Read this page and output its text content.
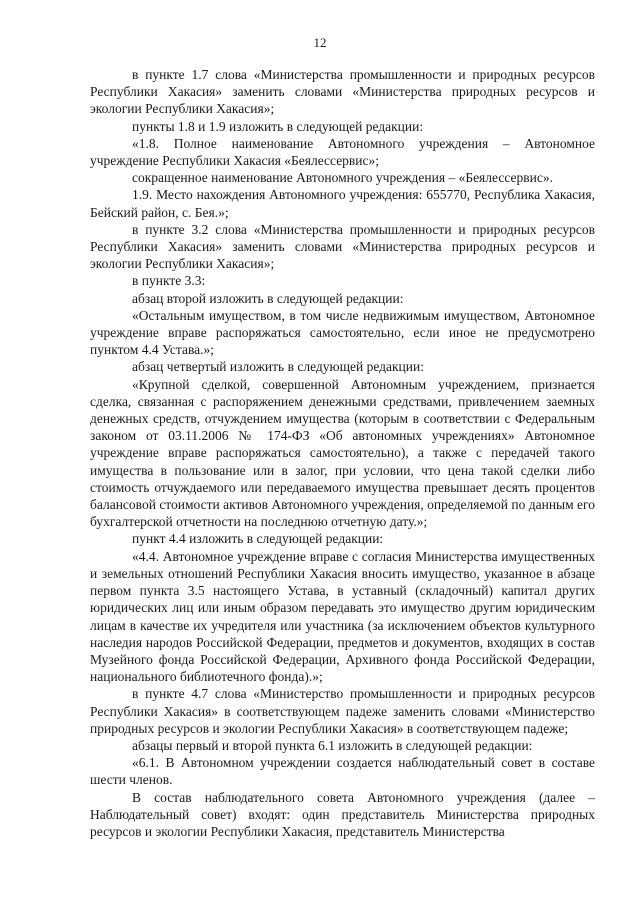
12

в пункте 1.7 слова «Министерства промышленности и природных ресурсов Республики Хакасия» заменить словами «Министерства природных ресурсов и экологии Республики Хакасия»;

пункты 1.8 и 1.9 изложить в следующей редакции:

«1.8. Полное наименование Автономного учреждения – Автономное учреждение Республики Хакасия «Беялессервис»;

сокращенное наименование Автономного учреждения – «Беялессервис».

1.9. Место нахождения Автономного учреждения: 655770, Республика Хакасия, Бейский район, с. Бея.»;

в пункте 3.2 слова «Министерства промышленности и природных ресурсов Республики Хакасия» заменить словами «Министерства природных ресурсов и экологии Республики Хакасия»;

в пункте 3.3:

абзац второй изложить в следующей редакции:

«Остальным имуществом, в том числе недвижимым имуществом, Автономное учреждение вправе распоряжаться самостоятельно, если иное не предусмотрено пунктом 4.4 Устава.»;

абзац четвертый изложить в следующей редакции:

«Крупной сделкой, совершенной Автономным учреждением, признается сделка, связанная с распоряжением денежными средствами, привлечением заемных денежных средств, отчуждением имущества (которым в соответствии с Федеральным законом от 03.11.2006 № 174-ФЗ «Об автономных учреждениях» Автономное учреждение вправе распоряжаться самостоятельно), а также с передачей такого имущества в пользование или в залог, при условии, что цена такой сделки либо стоимость отчуждаемого или передаваемого имущества превышает десять процентов балансовой стоимости активов Автономного учреждения, определяемой по данным его бухгалтерской отчетности на последнюю отчетную дату.»;

пункт 4.4 изложить в следующей редакции:

«4.4. Автономное учреждение вправе с согласия Министерства имущественных и земельных отношений Республики Хакасия вносить имущество, указанное в абзаце первом пункта 3.5 настоящего Устава, в уставный (складочный) капитал других юридических лиц или иным образом передавать это имущество другим юридическим лицам в качестве их учредителя или участника (за исключением объектов культурного наследия народов Российской Федерации, предметов и документов, входящих в состав Музейного фонда Российской Федерации, Архивного фонда Российской Федерации, национального библиотечного фонда).»;

в пункте 4.7 слова «Министерство промышленности и природных ресурсов Республики Хакасия» в соответствующем падеже заменить словами «Министерство природных ресурсов и экологии Республики Хакасия» в соответствующем падеже;

абзацы первый и второй пункта 6.1 изложить в следующей редакции:

«6.1. В Автономном учреждении создается наблюдательный совет в составе шести членов.

В состав наблюдательного совета Автономного учреждения (далее – Наблюдательный совет) входят: один представитель Министерства природных ресурсов и экологии Республики Хакасия, представитель Министерства
